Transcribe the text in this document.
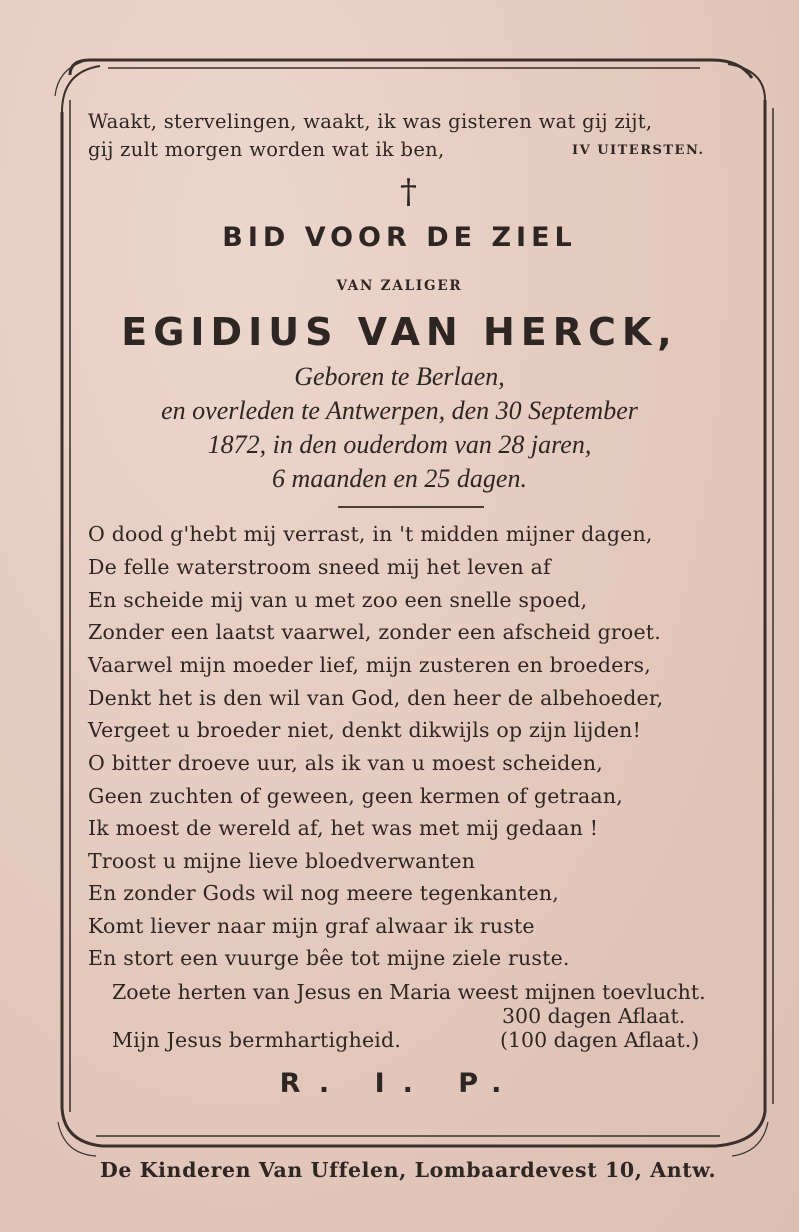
Waakt, stervelingen, waakt, ik was gisteren wat gij zijt,
gij zult morgen worden wat ik ben,	IV UITERSTEN.
†
BID VOOR DE ZIEL
VAN ZALIGER
EGIDIUS VAN HERCK,
Geboren te Berlaen,
en overleden te Antwerpen, den 30 September
1872, in den ouderdom van 28 jaren,
6 maanden en 25 dagen.
O dood g'hebt mij verrast, in 't midden mijner dagen,
De felle waterstroom sneed mij het leven af
En scheide mij van u met zoo een snelle spoed,
Zonder een laatst vaarwel, zonder een afscheid groet.
Vaarwel mijn moeder lief, mijn zusteren en broeders,
Denkt het is den wil van God, den heer de albehoeder,
Vergeet u broeder niet, denkt dikwijls op zijn lijden!
O bitter droeve uur, als ik van u moest scheiden,
Geen zuchten of geween, geen kermen of getraan,
Ik moest de wereld af, het was met mij gedaan !
Troost u mijne lieve bloedverwanten
En zonder Gods wil nog meere tegenkanten,
Komt liever naar mijn graf alwaar ik ruste
En stort een vuurge bêe tot mijne ziele ruste.
Zoete herten van Jesus en Maria weest mijnen toevlucht.
300 dagen Aflaat.
Mijn Jesus bermhartigheid.	(100 dagen Aflaat.)
R. I. P.
De Kinderen Van Uffelen, Lombaardevest 10, Antw.
